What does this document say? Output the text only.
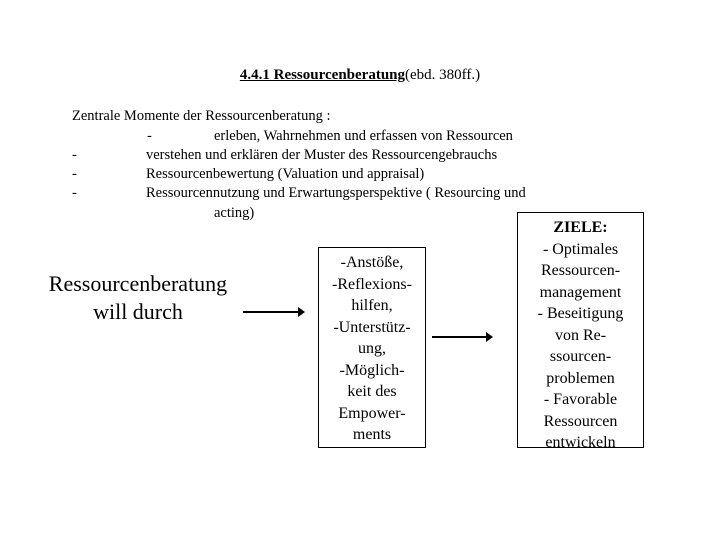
4.4.1 Ressourcenberatung(ebd. 380ff.)
Zentrale Momente der Ressourcenberatung :
-	erleben, Wahrnehmen und erfassen von Ressourcen
-	verstehen und erklären der Muster des Ressourcengebrauchs
-	Ressourcenbewertung (Valuation und appraisal)
-	Ressourcennutzung und Erwartungsperspektive ( Resourcing und
acting)
Ressourcenberatung
will durch
-Anstöße,
-Reflexions-
hilfen,
-Unterstütz-
ung,
-Möglich-
keit des
Empower-
ments
ZIELE:
- Optimales
Ressourcen-
management
- Beseitigung
von Re-
ssourcen-
problemen
- Favorable
Ressourcen
entwickeln
